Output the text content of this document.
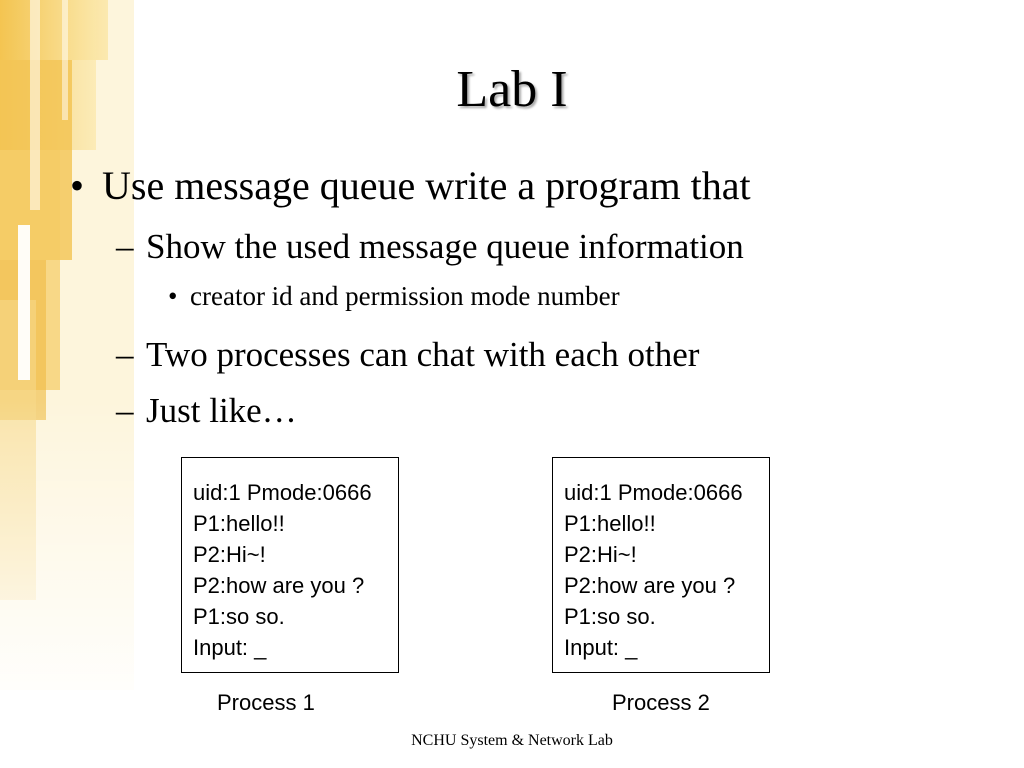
Lab I
• Use message queue write a program that
– Show the used message queue information
• creator id and permission mode number
– Two processes can chat with each other
– Just like…
uid:1 Pmode:0666
P1:hello!!
P2:Hi~!
P2:how are you ?
P1:so so.
Input: _
uid:1 Pmode:0666
P1:hello!!
P2:Hi~!
P2:how are you ?
P1:so so.
Input: _
Process 1	Process 2
NCHU System & Network Lab
